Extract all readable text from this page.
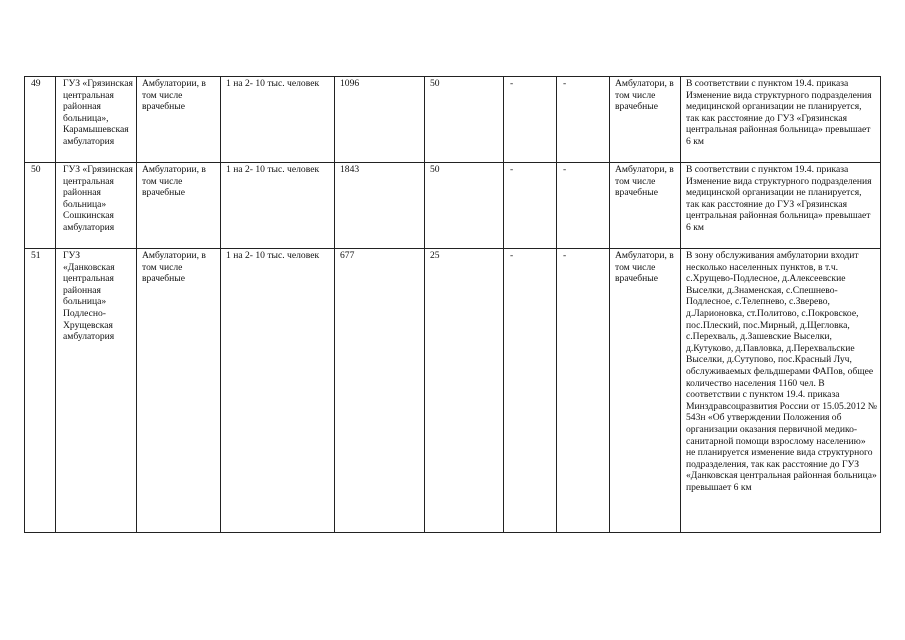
49	ГУЗ «Грязинская центральная районная больница», Карамышевская амбулатория	Амбулатории, в том числе врачебные	1 на 2- 10 тыс. человек	1096	50	-	-	Амбулатори, в том числе врачебные	В соответствии с пунктом 19.4. приказа Изменение вида структурного подразделения медицинской организации не планируется, так как расстояние до ГУЗ «Грязинская центральная районная больница» превышает 6 км
50	ГУЗ «Грязинская центральная районная больница» Сошкинская амбулатория	Амбулатории, в том числе врачебные	1 на 2- 10 тыс. человек	1843	50	-	-	Амбулатори, в том числе врачебные	В соответствии с пунктом 19.4. приказа Изменение вида структурного подразделения медицинской организации не планируется, так как расстояние до ГУЗ «Грязинская центральная районная больница» превышает 6 км
51	ГУЗ «Данковская центральная районная больница» Подлесно-Хрущевская амбулатория	Амбулатории, в том числе врачебные	1 на 2- 10 тыс. человек	677	25	-	-	Амбулатори, в том числе врачебные	В зону обслуживания амбулатории входит несколько населенных пунктов, в т.ч. с.Хрущево-Подлесное, д.Алексеевские Выселки, д.Знаменская, с.Спешнево- Подлесное, с.Телепнево, с.Зверево, д.Ларионовка, ст.Политово, с.Покровское, пос.Плеский, пос.Мирный, д.Щегловка, с.Перехваль, д.Зашевские Выселки, д.Кутуково, д.Павловка, д.Перехвальские Выселки, д.Сутупово, пос.Красный Луч, обслуживаемых фельдшерами ФАПов, общее количество населения 1160 чел. В соответствии с пунктом 19.4. приказа Минздравсоцразвития России от 15.05.2012 № 543н «Об утверждении Положения об организации оказания первичной медико-санитарной помощи взрослому населению» не планируется изменение вида структурного подразделения, так как расстояние до ГУЗ «Данковская центральная районная больница» превышает 6 км
